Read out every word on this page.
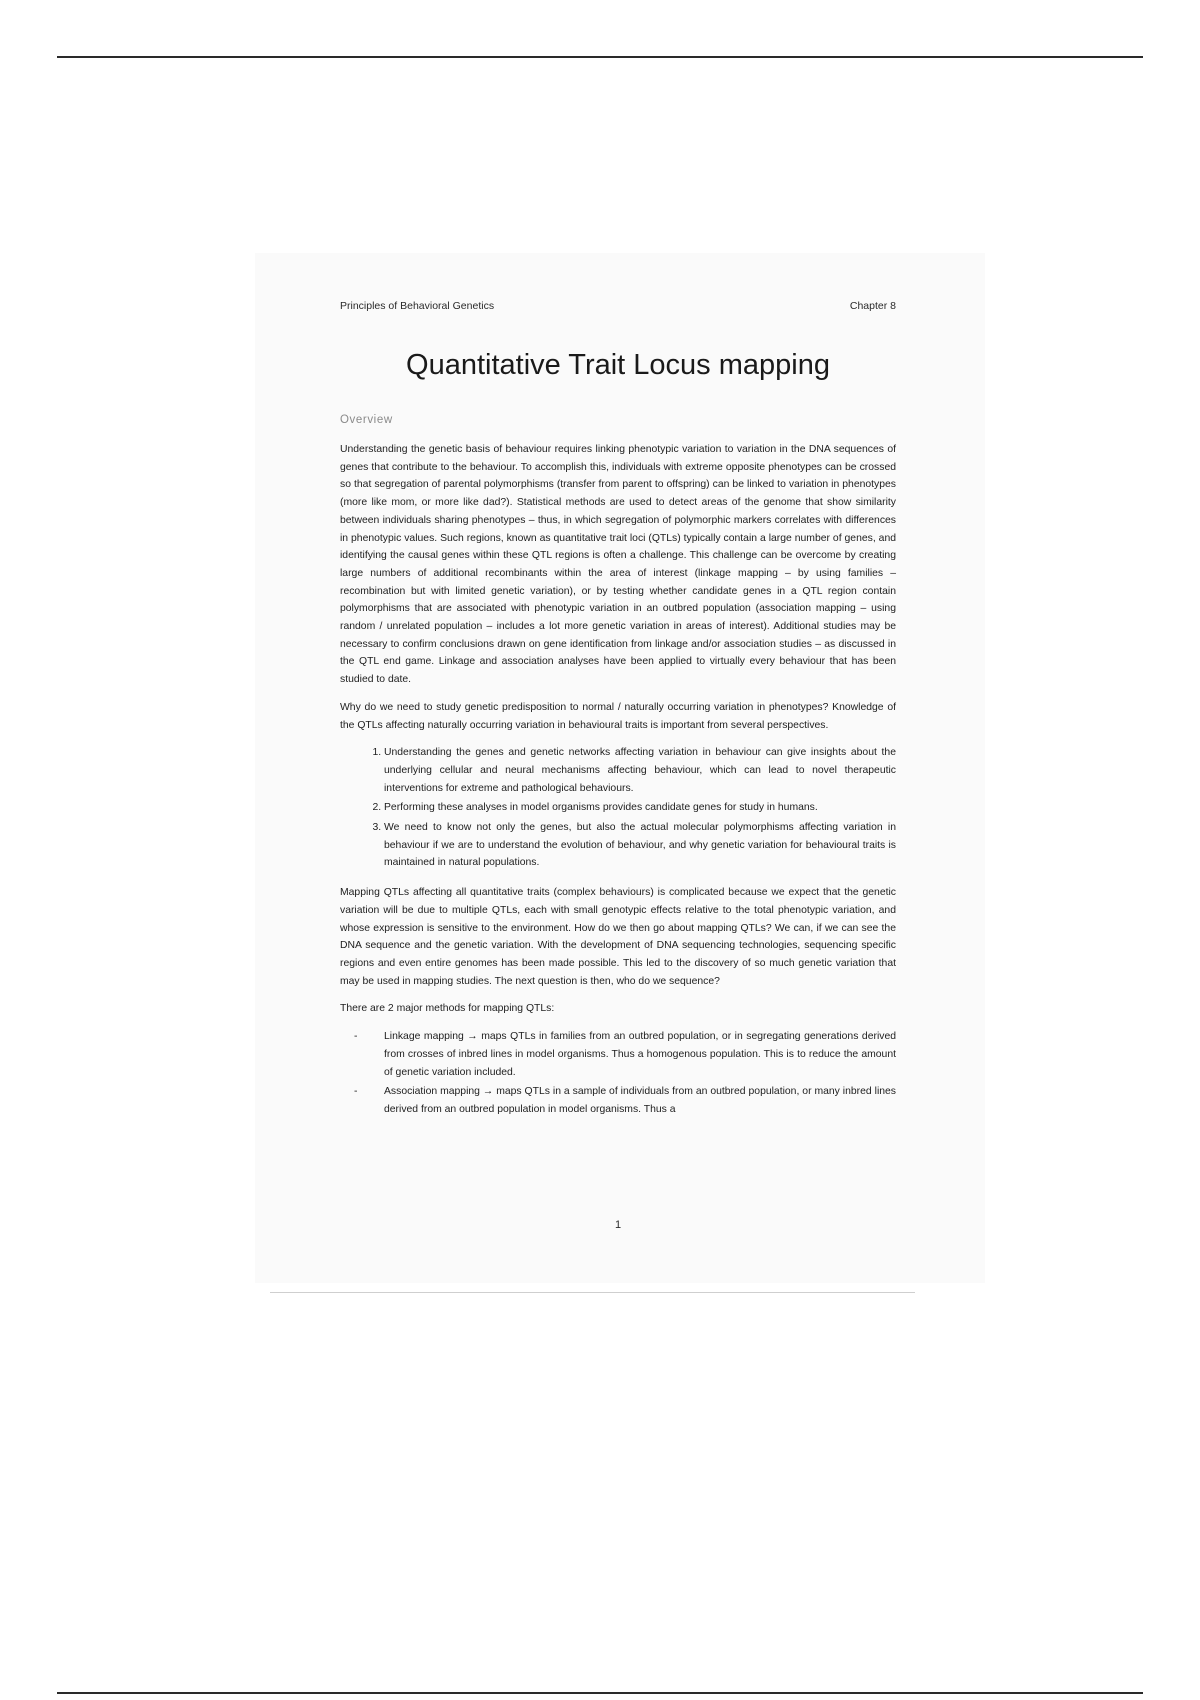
Principles of Behavioral Genetics	Chapter 8
Quantitative Trait Locus mapping
Overview

Understanding the genetic basis of behaviour requires linking phenotypic variation to variation in the DNA sequences of genes that contribute to the behaviour. To accomplish this, individuals with extreme opposite phenotypes can be crossed so that segregation of parental polymorphisms (transfer from parent to offspring) can be linked to variation in phenotypes (more like mom, or more like dad?). Statistical methods are used to detect areas of the genome that show similarity between individuals sharing phenotypes – thus, in which segregation of polymorphic markers correlates with differences in phenotypic values. Such regions, known as quantitative trait loci (QTLs) typically contain a large number of genes, and identifying the causal genes within these QTL regions is often a challenge. This challenge can be overcome by creating large numbers of additional recombinants within the area of interest (linkage mapping – by using families – recombination but with limited genetic variation), or by testing whether candidate genes in a QTL region contain polymorphisms that are associated with phenotypic variation in an outbred population (association mapping – using random / unrelated population – includes a lot more genetic variation in areas of interest). Additional studies may be necessary to confirm conclusions drawn on gene identification from linkage and/or association studies – as discussed in the QTL end game. Linkage and association analyses have been applied to virtually every behaviour that has been studied to date.

Why do we need to study genetic predisposition to normal / naturally occurring variation in phenotypes? Knowledge of the QTLs affecting naturally occurring variation in behavioural traits is important from several perspectives.

1. Understanding the genes and genetic networks affecting variation in behaviour can give insights about the underlying cellular and neural mechanisms affecting behaviour, which can lead to novel therapeutic interventions for extreme and pathological behaviours.
2. Performing these analyses in model organisms provides candidate genes for study in humans.
3. We need to know not only the genes, but also the actual molecular polymorphisms affecting variation in behaviour if we are to understand the evolution of behaviour, and why genetic variation for behavioural traits is maintained in natural populations.

Mapping QTLs affecting all quantitative traits (complex behaviours) is complicated because we expect that the genetic variation will be due to multiple QTLs, each with small genotypic effects relative to the total phenotypic variation, and whose expression is sensitive to the environment. How do we then go about mapping QTLs? We can, if we can see the DNA sequence and the genetic variation. With the development of DNA sequencing technologies, sequencing specific regions and even entire genomes has been made possible. This led to the discovery of so much genetic variation that may be used in mapping studies. The next question is then, who do we sequence?

There are 2 major methods for mapping QTLs:

-	Linkage mapping → maps QTLs in families from an outbred population, or in segregating generations derived from crosses of inbred lines in model organisms. Thus a homogenous population. This is to reduce the amount of genetic variation included.
-	Association mapping → maps QTLs in a sample of individuals from an outbred population, or many inbred lines derived from an outbred population in model organisms. Thus a
1
